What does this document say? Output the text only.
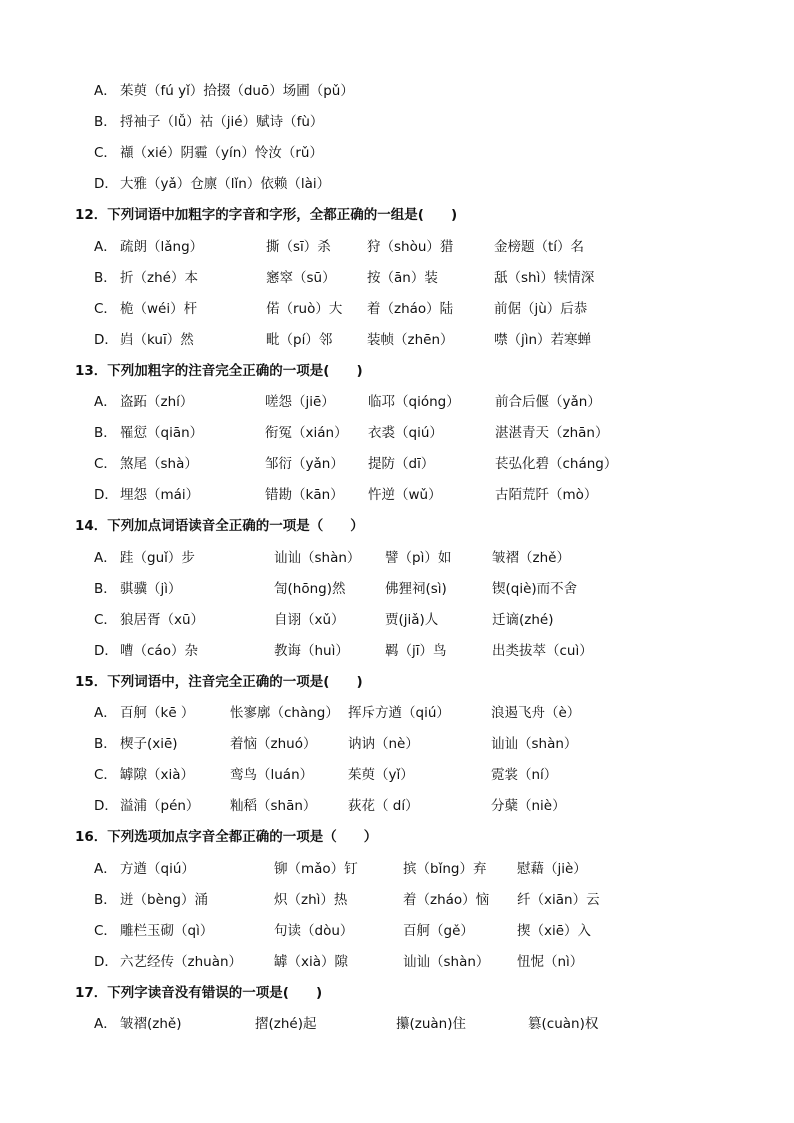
A． 茱萸（fú yǐ）拾掇（duō）场圃（pǔ）
B． 捋袖子（lǚ）祜（jié）赋诗（fù）
C． 襭（xié）阴霾（yín）怜汝（rǔ）
D． 大雅（yǎ）仓廪（lǐn）依赖（lài）
12．下列词语中加粗字的字音和字形，全都正确的一组是(　　)
A． 疏朗（lǎng）	撕（sī）杀	狩（shòu）猎	金榜题（tí）名
B． 折（zhé）本	窸窣（sū） 按（ān）装	舐（shì）犊情深
C． 桅（wéi）杆	偌（ruò）大 着（zháo）陆	前倨（jù）后恭
D． 岿（kuī）然	毗（pí）邻	装帧（zhēn）	噤（jìn）若寒蝉
13．下列加粗字的注音完全正确的一项是(　　)
A． 盗跖（zhí）	嗟怨（jiē） 临邛（qióng）	前合后偃（yǎn）
B． 罹愆（qiān）	衔冤（xián） 衣裘（qiú）	湛湛青天（zhān）
C． 煞尾（shà）	邹衍（yǎn） 提防（dī）	苌弘化碧（cháng）
D． 埋怨（mái）	错勘（kān） 忤逆（wǔ）	古陌荒阡（mò）
14．下列加点词语读音全正确的一项是（　　）
A． 跬（guǐ）步	讪讪（shàn） 譬（pì）如	皱褶（zhě）
B． 骐骥（jì）	訇(hōng)然	佛狸祠(sì)	锲(qiè)而不舍
C． 狼居胥（xū）	自诩（xǔ）	贾(jiǎ)人	迁谪(zhé)
D． 嘈（cáo）杂	教诲（huì）	羁（jī）鸟	出类拔萃（cuì）
15．下列词语中，注音完全正确的一项是(　　)
A． 百舸（kē ）	怅寥廓（chàng） 挥斥方遒（qiú）	浪遏飞舟（è）
B． 楔子(xiē)	着恼（zhuó） 讷讷（nè）	讪讪（shàn）
C． 罅隙（xià）	鸾鸟（luán）	茱萸（yǐ）	霓裳（ní）
D． 溢浦（pén） 籼稻（shān） 荻花（ dí）	分蘖（niè）
16．下列选项加点字音全都正确的一项是（　　）
A． 方遒（qiú）	铆（mǎo）钉	摈（bǐng）弃 慰藉（jiè）
B． 迸（bèng）涌	炽（zhì）热	着（zháo）恼 纤（xiān）云
C． 雕栏玉砌（qì）	句读（dòu）	百舸（gě）	揳（xiē）入
D． 六艺经传（zhuàn） 罅（xià）隙	讪讪（shàn） 忸怩（nì）
17．下列字读音没有错误的一项是(　　)
A． 皱褶(zhě)	摺(zhé)起	攥(zuàn)住	篡(cuàn)权
